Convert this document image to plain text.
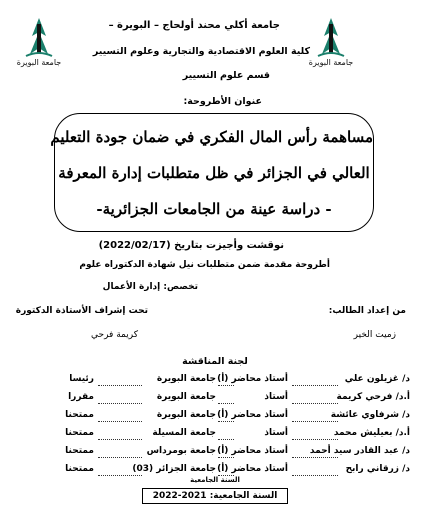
جامعة البويرة
جامعة البويرة
جامعة أكلي محند أولحاج – البويرة –
كلية العلوم الاقتصادية والتجارية وعلوم التسيير
قسم علوم التسيير
عنوان الأطروحة:
مساهمة رأس المال الفكري في ضمان جودة التعليم
العالي في الجزائر في ظل متطلبات إدارة المعرفة
- دراسة عينة من الجامعات الجزائرية-
نوقشت وأجيزت بتاريخ (2022/02/17)
أطروحة مقدمة ضمن متطلبات نيل شهادة الدكتوراه علوم
تخصص: إدارة الأعمال
من إعداد الطالب:
تحت إشراف الأستاذة الدكتورة
زميت الخير
كريمة فرحي
لجنة المناقشة
د/ غزيلون علي
أستاذ محاضر (أ)
جامعة البويرة
رئيسا
أ.د/ فرحي كريمة
أستاذ
جامعة البويرة
مقررا
د/ شرفاوي عائشة
أستاذ محاضر (أ)
جامعة البويرة
ممتحنا
أ.د/ بعيليش محمد
أستاذ
جامعة المسيلة
ممتحنا
د/ عبد القادر سيد أحمد
أستاذ محاضر (أ)
جامعة بومرداس
ممتحنا
د/ زرقاني رابح
أستاذ محاضر (أ)
جامعة الجزائر (03)
ممتحنا
السنة الجامعية
السنة الجامعية: 2021-2022
